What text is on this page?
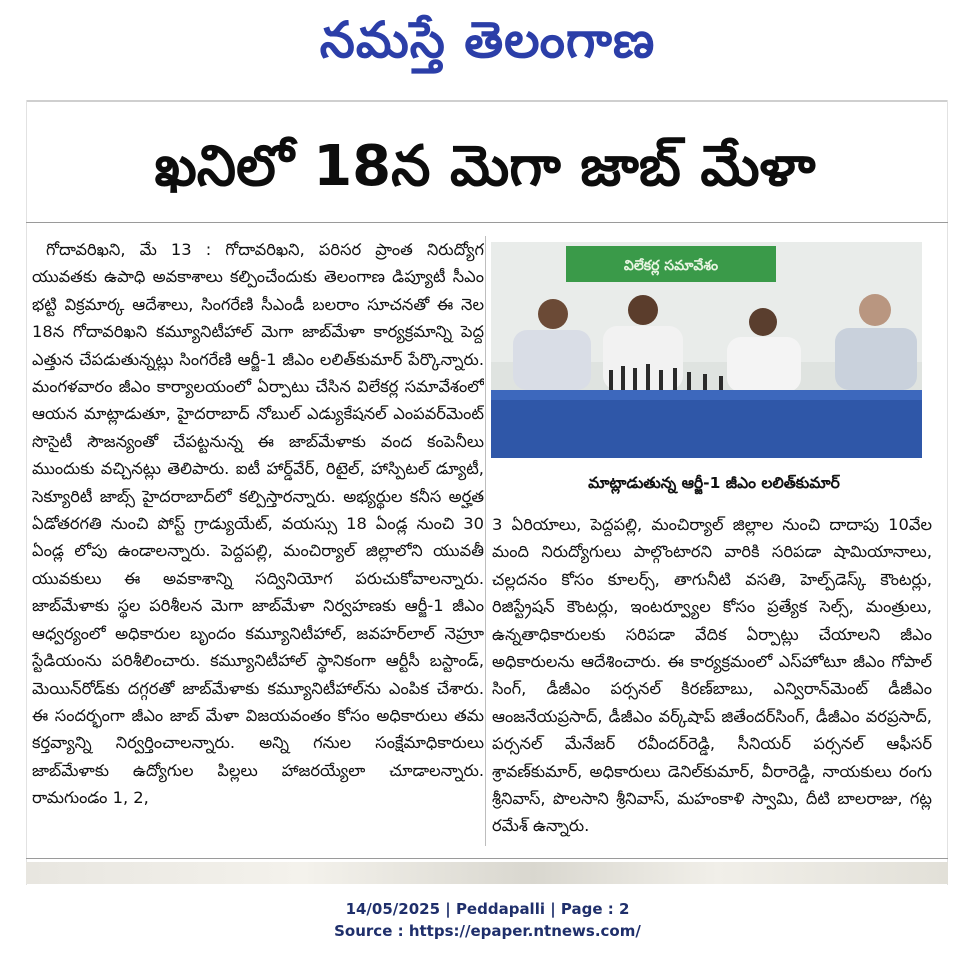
నమస్తే తెలంగాణ
ఖనిలో 18న మెగా జాబ్ మేళా

గోదావరిఖని, మే 13 : గోదావరిఖని, పరిసర ప్రాంత నిరుద్యోగ యువతకు ఉపాధి అవకాశాలు కల్పించేందుకు తెలంగాణ డిప్యూటీ సీఎం భట్టి విక్రమార్క ఆదేశాలు, సింగరేణి సీఎండీ బలరాం సూచనతో ఈ నెల 18న గోదావరిఖని కమ్యూనిటీహాల్ మెగా జాబ్‌మేళా కార్యక్రమాన్ని పెద్ద ఎత్తున చేపడుతున్నట్లు సింగరేణి ఆర్జీ-1 జీఎం లలిత్‌కుమార్ పేర్కొన్నారు. మంగళవారం జీఎం కార్యాలయంలో ఏర్పాటు చేసిన విలేకర్ల సమావేశంలో ఆయన మాట్లాడుతూ, హైదరాబాద్ నోబుల్ ఎడ్యుకేషనల్ ఎంపవర్‌మెంట్ సొసైటీ సౌజన్యంతో చేపట్టనున్న ఈ జాబ్‌మేళాకు వంద కంపెనీలు ముందుకు వచ్చినట్లు తెలిపారు. ఐటీ హార్డ్‌వేర్, రిటైల్, హాస్పిటల్ డ్యూటీ, సెక్యూరిటీ జాబ్స్ హైదరాబాద్‌లో కల్పిస్తారన్నారు. అభ్యర్థుల కనీస అర్హత ఏడోతరగతి నుంచి పోస్ట్ గ్రాడ్యుయేట్, వయస్సు 18 ఏండ్ల నుంచి 30 ఏండ్ల లోపు ఉండాలన్నారు. పెద్దపల్లి, మంచిర్యాల్ జిల్లాలోని యువతీ యువకులు ఈ అవకాశాన్ని సద్వినియోగ పరుచుకోవాలన్నారు. జాబ్‌మేళాకు స్థల పరిశీలన మెగా జాబ్‌మేళా నిర్వహణకు ఆర్జీ-1 జీఎం ఆధ్వర్యంలో అధికారుల బృందం కమ్యూనిటీహాల్, జవహర్‌లాల్ నెహ్రూ స్టేడియంను పరిశీలించారు. కమ్యూనిటీహాల్ స్థానికంగా ఆర్టీసీ బస్టాండ్, మెయిన్‌రోడ్‌కు దగ్గరతో జాబ్‌మేళాకు కమ్యూనిటీహాల్‌ను ఎంపిక చేశారు. ఈ సందర్భంగా జీఎం జాబ్ మేళా విజయవంతం కోసం అధికారులు తమ కర్తవ్యాన్ని నిర్వర్తించాలన్నారు. అన్ని గనుల సంక్షేమాధికారులు జాబ్‌మేళాకు ఉద్యోగుల పిల్లలు హాజరయ్యేలా చూడాలన్నారు. రామగుండం 1, 2,

విలేకర్ల సమావేశం
మాట్లాడుతున్న ఆర్జీ-1 జీఎం లలిత్‌కుమార్

3 ఏరియాలు, పెద్దపల్లి, మంచిర్యాల్ జిల్లాల నుంచి దాదాపు 10వేల మంది నిరుద్యోగులు పాల్గొంటారని వారికి సరిపడా షామియానాలు, చల్లదనం కోసం కూలర్స్, తాగునీటి వసతి, హెల్ప్‌డెస్క్ కౌంటర్లు, రిజిస్ట్రేషన్ కౌంటర్లు, ఇంటర్వ్యూల కోసం ప్రత్యేక సెల్స్, మంత్రులు, ఉన్నతాధికారులకు సరిపడా వేదిక ఏర్పాట్లు చేయాలని జీఎం అధికారులను ఆదేశించారు. ఈ కార్యక్రమంలో ఎస్‌హోటూ జీఎం గోపాల్ సింగ్, డీజీఎం పర్సనల్ కిరణ్‌బాబు, ఎన్విరాన్‌మెంట్ డీజీఎం ఆంజనేయప్రసాద్, డీజీఎం వర్క్‌షాప్ జితేందర్‌సింగ్, డీజీఎం వరప్రసాద్, పర్సనల్ మేనేజర్ రవీందర్‌రెడ్డి, సీనియర్ పర్సనల్ ఆఫీసర్ శ్రావణ్‌కుమార్, అధికారులు డెనిల్‌కుమార్, వీరారెడ్డి, నాయకులు రంగు శ్రీనివాస్, పొలసాని శ్రీనివాస్, మహంకాళి స్వామి, దీటి బాలరాజు, గట్ల రమేశ్ ఉన్నారు.

14/05/2025 | Peddapalli | Page : 2
Source : https://epaper.ntnews.com/
